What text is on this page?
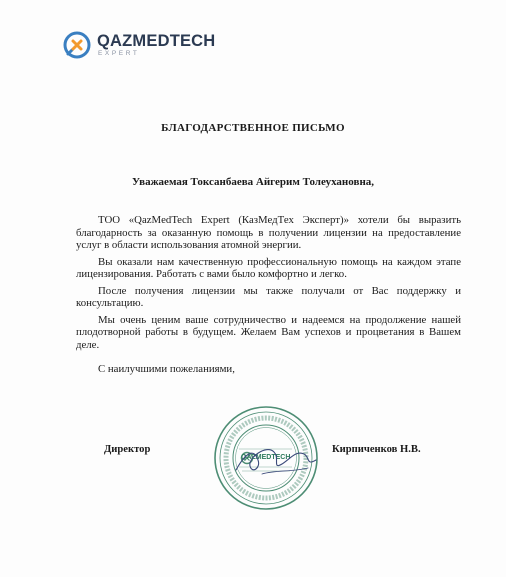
QAZMEDTECH
EXPERT
БЛАГОДАРСТВЕННОЕ ПИСЬМО
Уважаемая Токсанбаева Айгерим Толеухановна,

ТОО «QazMedTech Expert (КазМедТех Эксперт)» хотели бы выразить благодарность за оказанную помощь в получении лицензии на предоставление услуг в области использования атомной энергии.

Вы оказали нам качественную профессиональную помощь на каждом этапе лицензирования. Работать с вами было комфортно и легко.

После получения лицензии мы также получали от Вас поддержку и консультацию.

Мы очень ценим ваше сотрудничество и надеемся на продолжение нашей плодотворной работы в будущем. Желаем Вам успехов и процветания в Вашем деле.

С наилучшими пожеланиями,
Директор
QAZMEDTECH
Кирпиченков Н.В.
